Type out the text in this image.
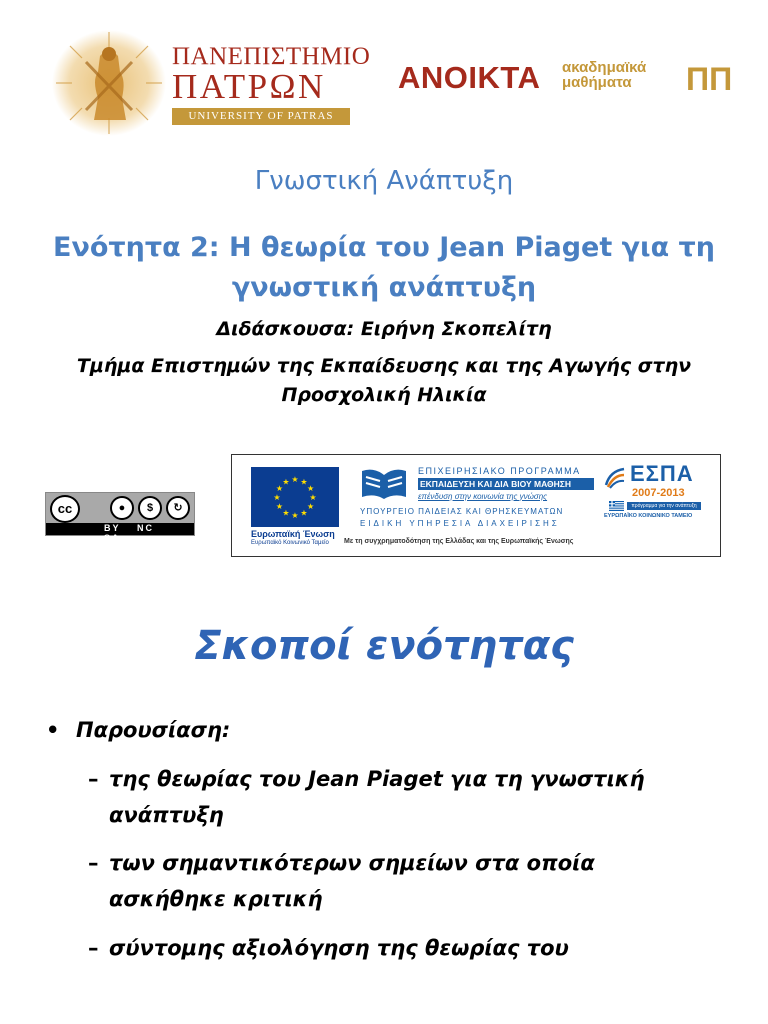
ΠΑΝΕΠΙΣΤΗΜΙΟ
ΠΑΤΡΩΝ
UNIVERSITY OF PATRAS
ΑΝΟΙΚΤΑ ακαδημαϊκά
μαθήματα	ΠΠ
Γνωστική Ανάπτυξη
Ενότητα 2: Η θεωρία του Jean Piaget για τη
γνωστική ανάπτυξη
Διδάσκουσα: Ειρήνη Σκοπελίτη
Τμήμα Επιστημών της Εκπαίδευσης και της Αγωγής στην
Προσχολική Ηλικία
cc	●	$	↻
BY NC SA
★ ★
★
★
★
★
★
★
★
★
★
★
Ευρωπαϊκή Ένωση
Ευρωπαϊκό Κοινωνικό Ταμείο
ΕΠΙΧΕΙΡΗΣΙΑΚΟ ΠΡΟΓΡΑΜΜΑ
ΕΚΠΑΙΔΕΥΣΗ ΚΑΙ ΔΙΑ ΒΙΟΥ ΜΑΘΗΣΗ
επένδυση στην κοινωνία της γνώσης
ΥΠΟΥΡΓΕΙΟ ΠΑΙΔΕΙΑΣ ΚΑΙ ΘΡΗΣΚΕΥΜΑΤΩΝ
ΕΙΔΙΚΗ ΥΠΗΡΕΣΙΑ ΔΙΑΧΕΙΡΙΣΗΣ
Με τη συγχρηματοδότηση της Ελλάδας και της Ευρωπαϊκής Ένωσης
ΕΣΠΑ
2007-2013
πρόγραμμα για την ανάπτυξη
ΕΥΡΩΠΑΪΚΟ ΚΟΙΝΩΝΙΚΟ ΤΑΜΕΙΟ
Σκοποί ενότητας
• Παρουσίαση:
– της θεωρίας του Jean Piaget για τη γνωστική
ανάπτυξη
– των σημαντικότερων σημείων στα οποία
ασκήθηκε κριτική
– σύντομης αξιολόγηση της θεωρίας του
